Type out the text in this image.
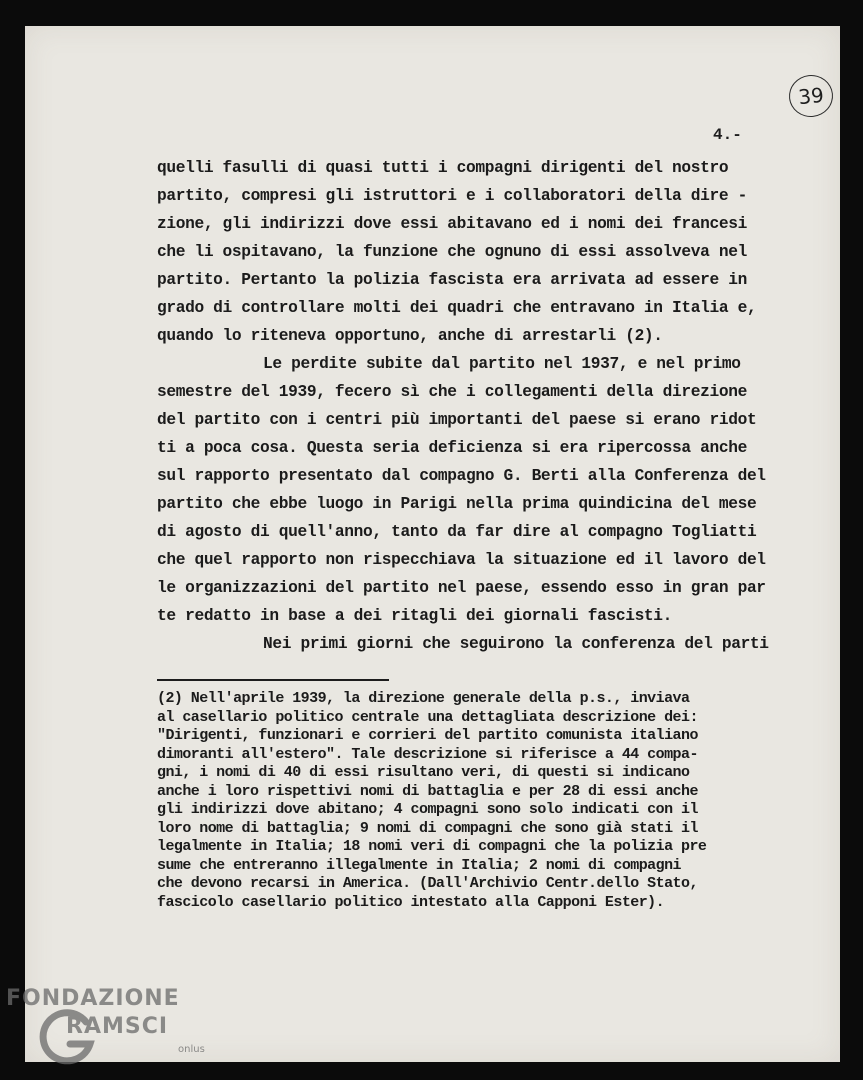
39
4.-
quelli fasulli di quasi tutti i compagni dirigenti del nostro
partito, compresi gli istruttori e i collaboratori della dire -
zione, gli indirizzi dove essi abitavano ed i nomi dei francesi
che li ospitavano, la funzione che ognuno di essi assolveva nel
partito. Pertanto la polizia fascista era arrivata ad essere in
grado di controllare molti dei quadri che entravano in Italia e,
quando lo riteneva opportuno, anche di arrestarli (2).
Le perdite subite dal partito nel 1937, e nel primo
semestre del 1939, fecero sì che i collegamenti della direzione
del partito con i centri più importanti del paese si erano ridot
ti a poca cosa. Questa seria deficienza si era ripercossa anche
sul rapporto presentato dal compagno G. Berti alla Conferenza del
partito che ebbe luogo in Parigi nella prima quindicina del mese
di agosto di quell'anno, tanto da far dire al compagno Togliatti
che quel rapporto non rispecchiava la situazione ed il lavoro del
le organizzazioni del partito nel paese, essendo esso in gran par
te redatto in base a dei ritagli dei giornali fascisti.
Nei primi giorni che seguirono la conferenza del parti
(2) Nell'aprile 1939, la direzione generale della p.s., inviava
al casellario politico centrale una dettagliata descrizione dei:
"Dirigenti, funzionari e corrieri del partito comunista italiano
dimoranti all'estero". Tale descrizione si riferisce a 44 compa-
gni, i nomi di 40 di essi risultano veri, di questi si indicano
anche i loro rispettivi nomi di battaglia e per 28 di essi anche
gli indirizzi dove abitano; 4 compagni sono solo indicati con il
loro nome di battaglia; 9 nomi di compagni che sono già stati il
legalmente in Italia; 18 nomi veri di compagni che la polizia pre
sume che entreranno illegalmente in Italia; 2 nomi di compagni
che devono recarsi in America. (Dall'Archivio Centr.dello Stato,
fascicolo casellario politico intestato alla Capponi Ester).
FONDAZIONE
RAMSCI
onlus
